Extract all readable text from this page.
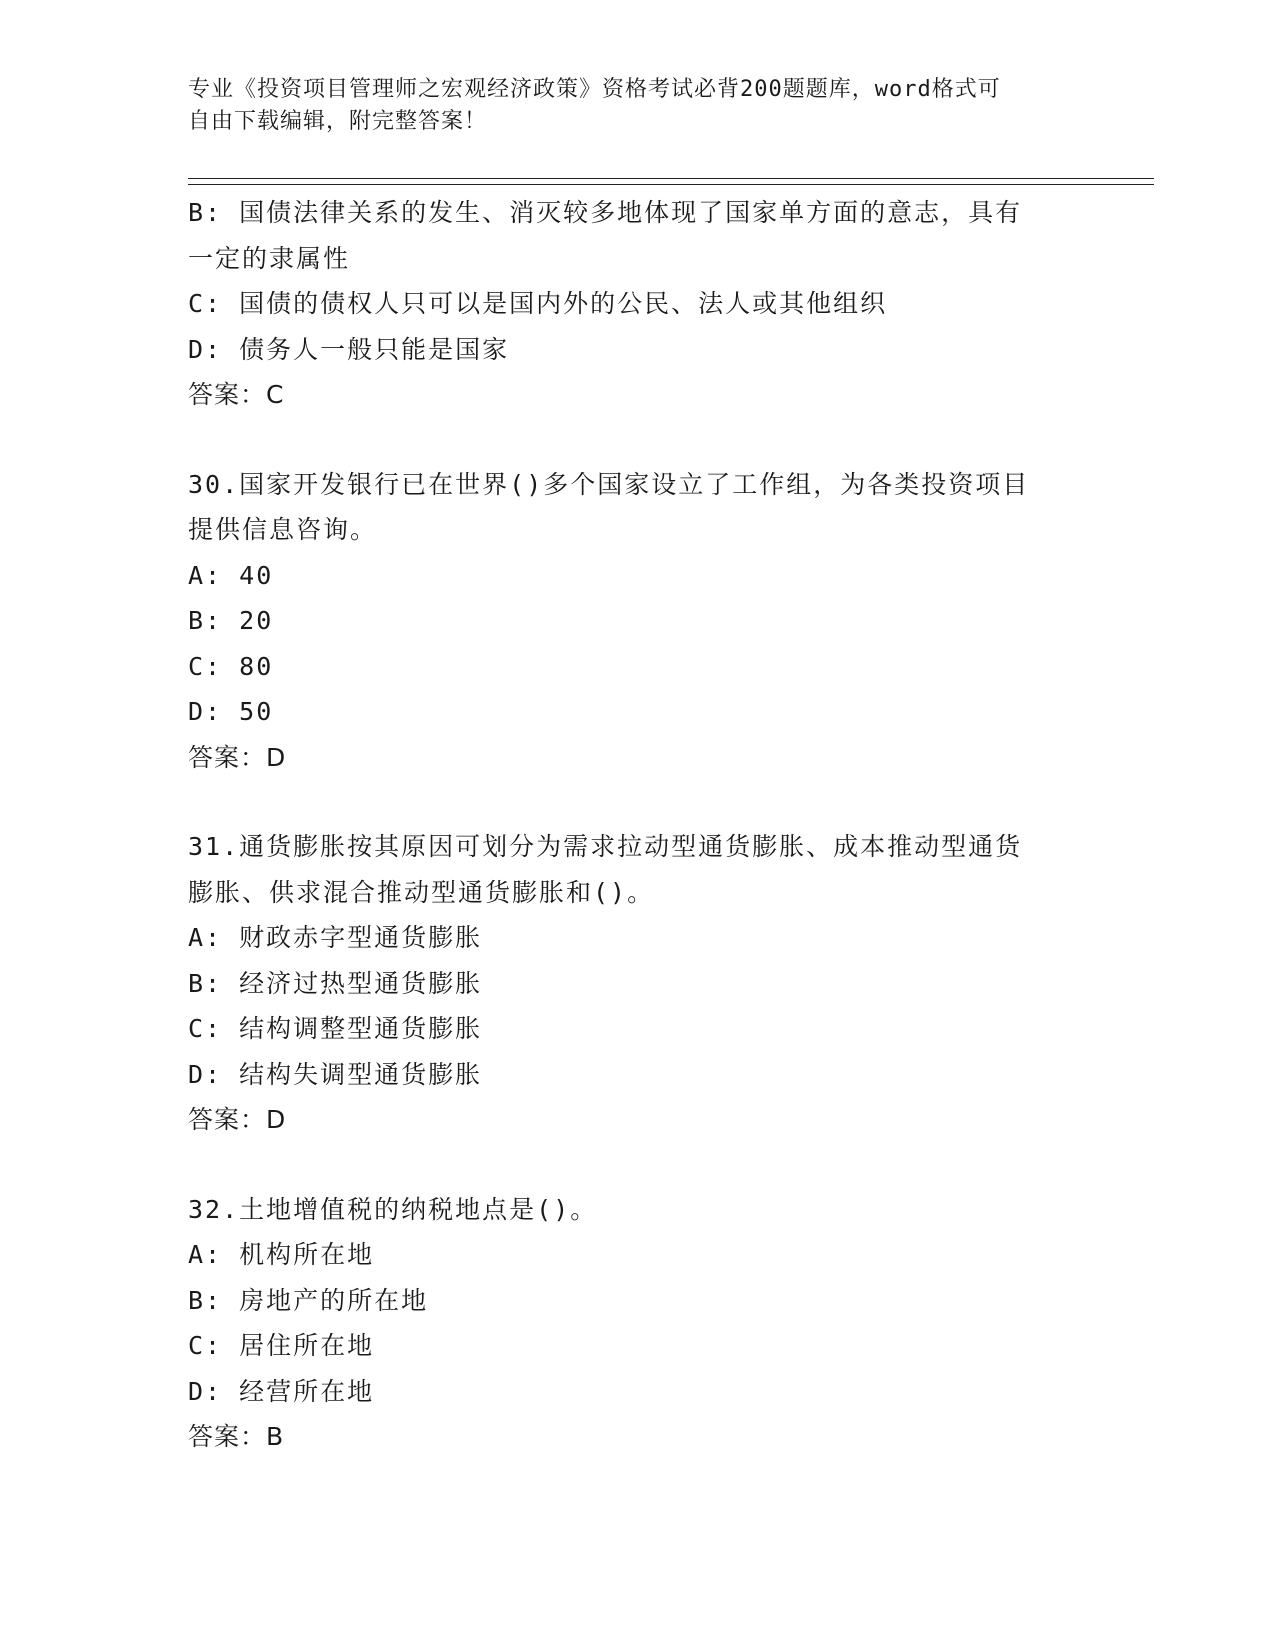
专业《投资项目管理师之宏观经济政策》资格考试必背200题题库，word格式可
自由下载编辑，附完整答案！
B: 国债法律关系的发生、消灭较多地体现了国家单方面的意志，具有
一定的隶属性
C: 国债的债权人只可以是国内外的公民、法人或其他组织
D: 债务人一般只能是国家
答案：C
30.国家开发银行已在世界()多个国家设立了工作组，为各类投资项目
提供信息咨询。
A: 40
B: 20
C: 80
D: 50
答案：D
31.通货膨胀按其原因可划分为需求拉动型通货膨胀、成本推动型通货
膨胀、供求混合推动型通货膨胀和()。
A: 财政赤字型通货膨胀
B: 经济过热型通货膨胀
C: 结构调整型通货膨胀
D: 结构失调型通货膨胀
答案：D
32.土地增值税的纳税地点是()。
A: 机构所在地
B: 房地产的所在地
C: 居住所在地
D: 经营所在地
答案：B
